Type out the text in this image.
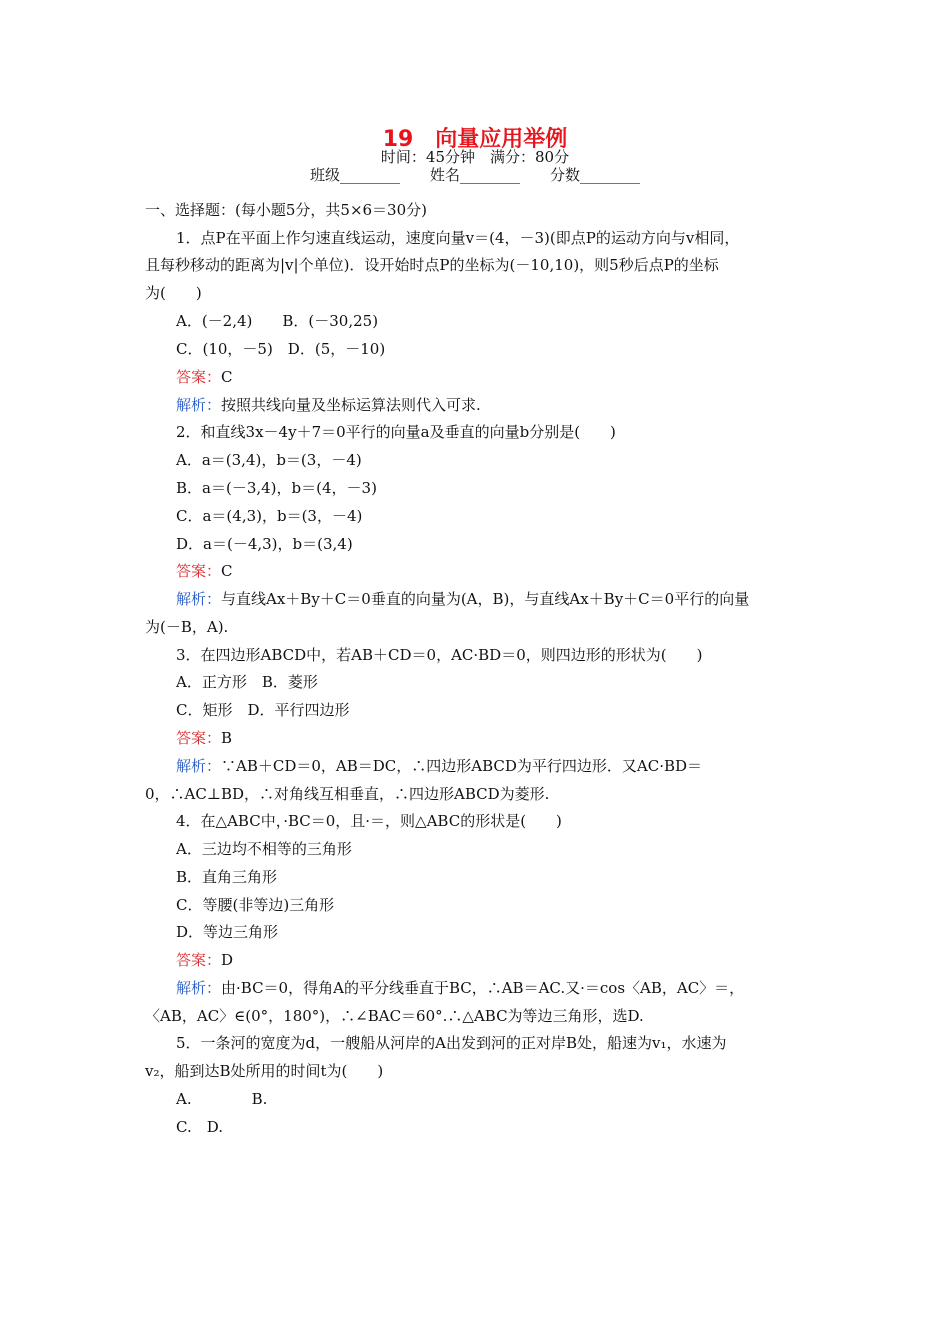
19　向量应用举例
时间：45分钟　满分：80分
班级________　　姓名________　　分数________
一、选择题：(每小题5分，共5×6＝30分)
1．点P在平面上作匀速直线运动，速度向量v＝(4，－3)(即点P的运动方向与v相同，
且每秒移动的距离为|v|个单位)．设开始时点P的坐标为(－10,10)，则5秒后点P的坐标
为(　　)
A．(－2,4)　　B．(－30,25)
C．(10，－5)　D．(5，－10)
答案：C
解析：按照共线向量及坐标运算法则代入可求.
2．和直线3x－4y＋7＝0平行的向量a及垂直的向量b分别是(　　)
A．a＝(3,4)，b＝(3，－4)
B．a＝(－3,4)，b＝(4，－3)
C．a＝(4,3)，b＝(3，－4)
D．a＝(－4,3)，b＝(3,4)
答案：C
解析：与直线Ax＋By＋C＝0垂直的向量为(A，B)，与直线Ax＋By＋C＝0平行的向量
为(－B，A).
3．在四边形ABCD中，若AB＋CD＝0，AC·BD＝0，则四边形的形状为(　　)
A．正方形　B．菱形
C．矩形　D．平行四边形
答案：B
解析：∵AB＋CD＝0，AB＝DC，∴四边形ABCD为平行四边形．又AC·BD＝
0，∴AC⊥BD，∴对角线互相垂直，∴四边形ABCD为菱形.
4．在△ABC中，·BC＝0，且·＝，则△ABC的形状是(　　)
A．三边均不相等的三角形
B．直角三角形
C．等腰(非等边)三角形
D．等边三角形
答案：D
解析：由·BC＝0，得角A的平分线垂直于BC，∴AB＝AC.又·＝cos〈AB，AC〉＝，
〈AB，AC〉∈(0°，180°)，∴∠BAC＝60°.∴△ABC为等边三角形，选D.
5．一条河的宽度为d，一艘船从河岸的A出发到河的正对岸B处，船速为v₁，水速为
v₂，船到达B处所用的时间t为(　　)
A.　　　　B.
C.　D.
